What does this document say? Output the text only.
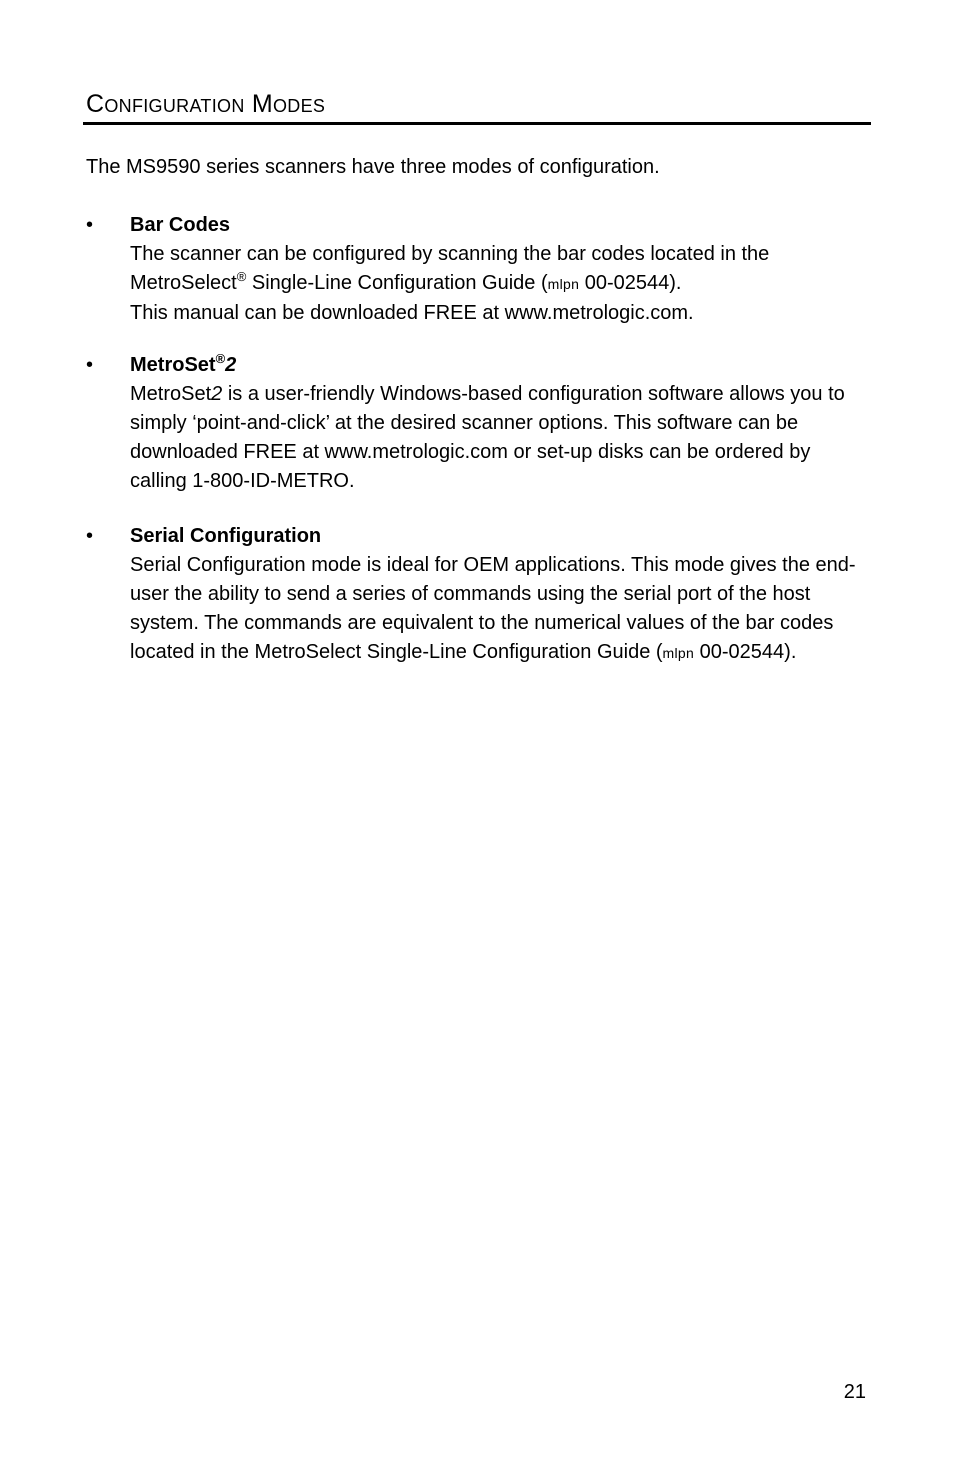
Configuration Modes
The MS9590 series scanners have three modes of configuration.
•	Bar Codes
The scanner can be configured by scanning the bar codes located in the
MetroSelect® Single-Line Configuration Guide (mlpn 00-02544).
This manual can be downloaded FREE at www.metrologic.com.
•	MetroSet®2
MetroSet2 is a user-friendly Windows-based configuration software allows you to simply ‘point-and-click’ at the desired scanner options. This software can be downloaded FREE at www.metrologic.com or set-up disks can be ordered by calling 1-800-ID-METRO.
•	Serial Configuration
Serial Configuration mode is ideal for OEM applications. This mode gives the end-user the ability to send a series of commands using the serial port of the host system. The commands are equivalent to the numerical values of the bar codes located in the MetroSelect Single-Line Configuration Guide (mlpn 00-02544).
21
